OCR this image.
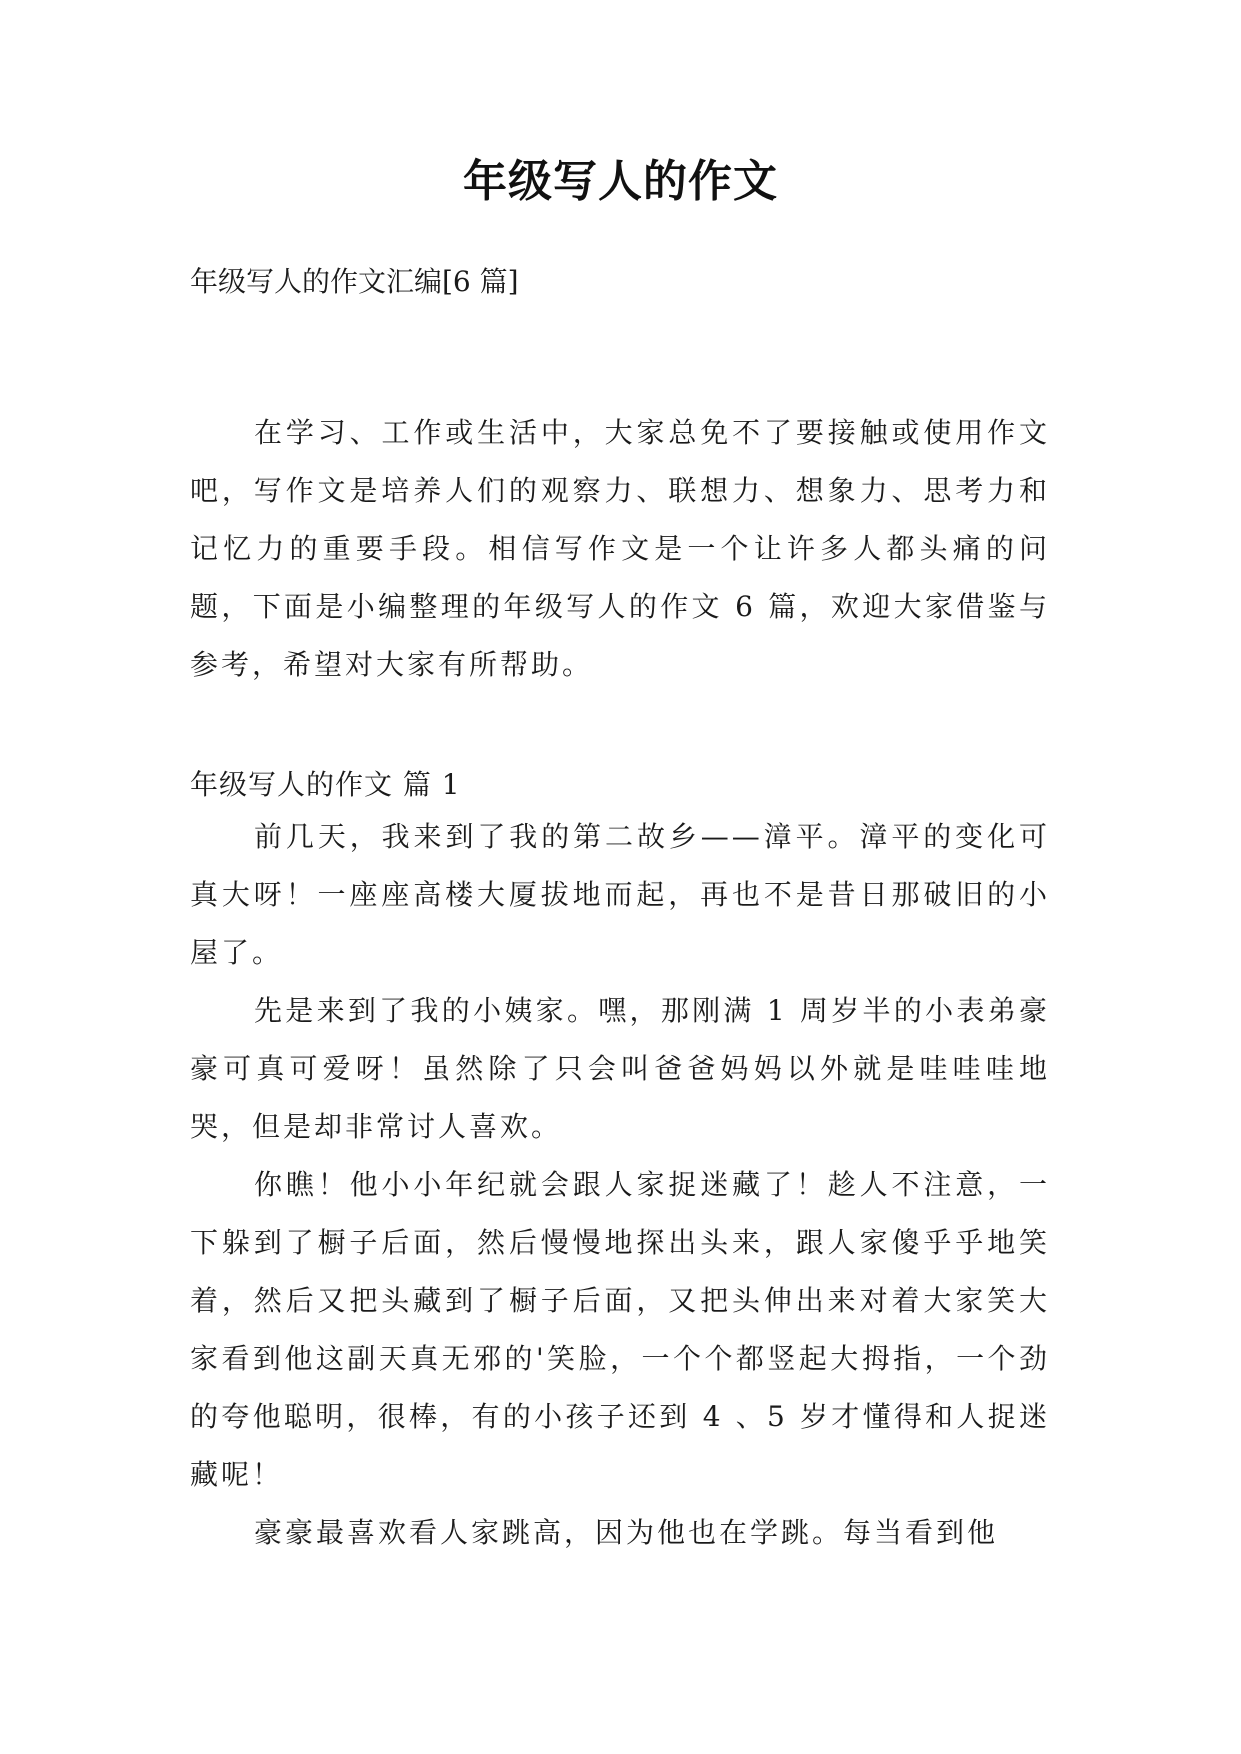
年级写人的作文
年级写人的作文汇编[6 篇]

在学习、工作或生活中，大家总免不了要接触或使用作文吧，写作文是培养人们的观察力、联想力、想象力、思考力和记忆力的重要手段。相信写作文是一个让许多人都头痛的问题，下面是小编整理的年级写人的作文 6 篇，欢迎大家借鉴与参考，希望对大家有所帮助。

年级写人的作文 篇 1

前几天，我来到了我的第二故乡——漳平。漳平的变化可真大呀！一座座高楼大厦拔地而起，再也不是昔日那破旧的小屋了。

先是来到了我的小姨家。嘿，那刚满 1 周岁半的小表弟豪豪可真可爱呀！虽然除了只会叫爸爸妈妈以外就是哇哇哇地哭，但是却非常讨人喜欢。

你瞧！他小小年纪就会跟人家捉迷藏了！趁人不注意，一下躲到了橱子后面，然后慢慢地探出头来，跟人家傻乎乎地笑着，然后又把头藏到了橱子后面，又把头伸出来对着大家笑大家看到他这副天真无邪的'笑脸，一个个都竖起大拇指，一个劲的夸他聪明，很棒，有的小孩子还到 4 、5 岁才懂得和人捉迷藏呢！

豪豪最喜欢看人家跳高，因为他也在学跳。每当看到他
